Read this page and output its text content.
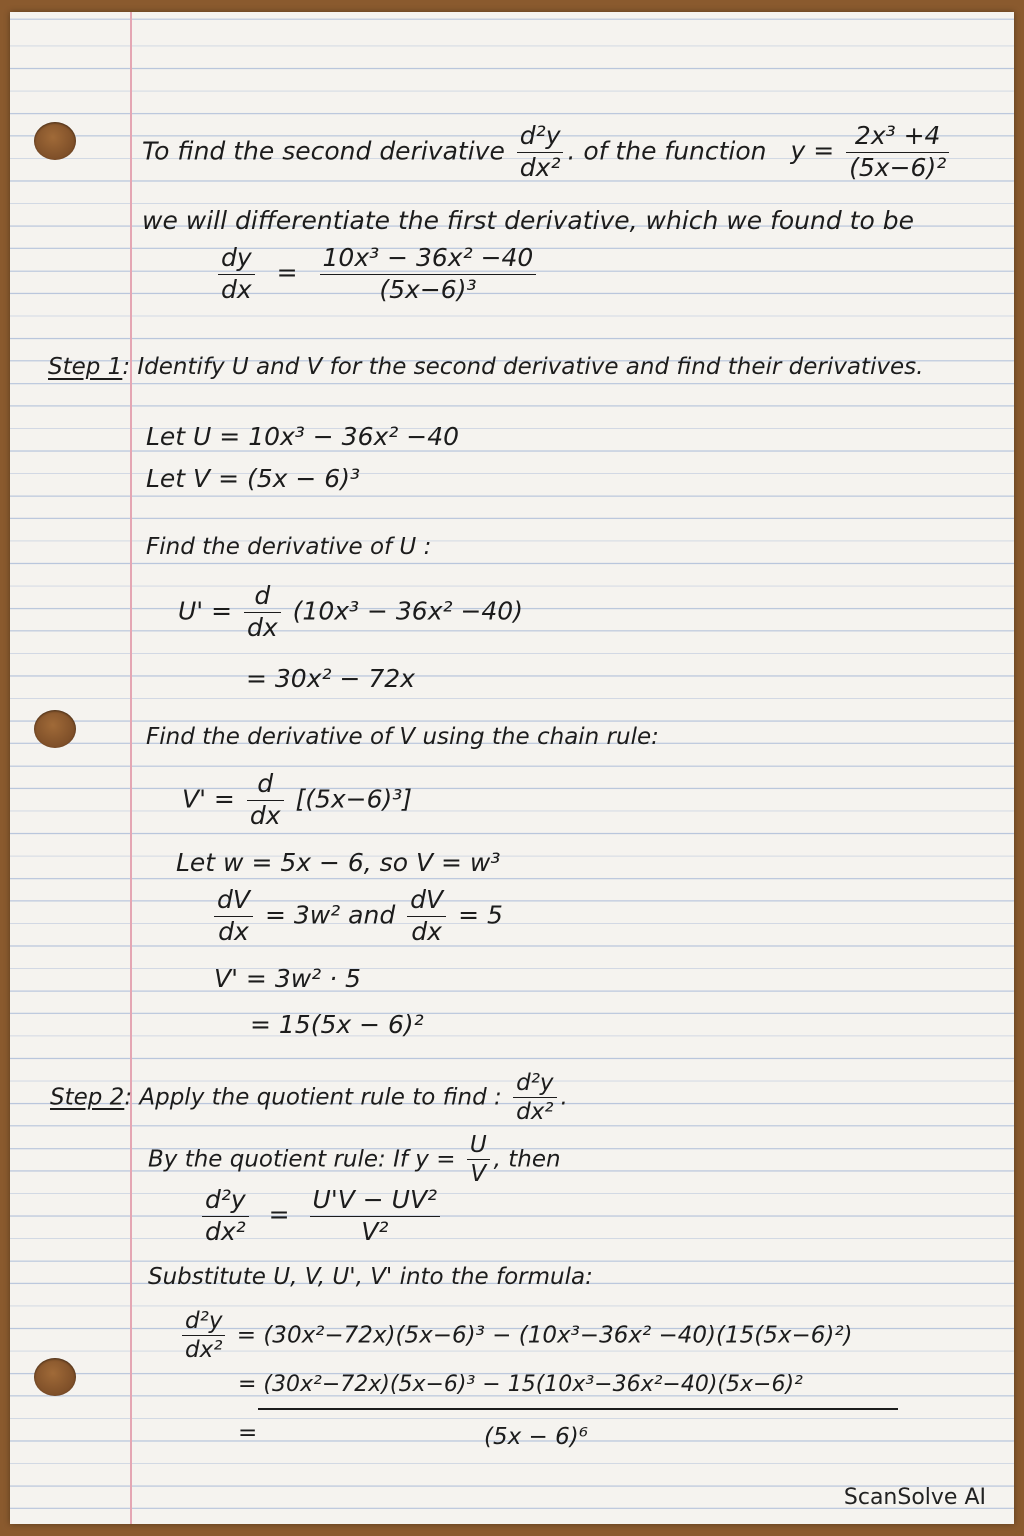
To find the second derivative $\frac{\text{d²y}}{\text{dx²}}$ . of the function $y = \frac{\text{2x³ +4}}{\text{(5x−6)²}}$
we will differentiate the first derivative, which we found to be
$\frac{dy}{dx} = \frac{\text{10x³ − 36x² −40}}{\text{(5x−6)³}}$
Step 1: Identify U and V for the second derivative and find their derivatives.
Let U = 10x³ − 36x² −40
Let V = (5x − 6)³
Find the derivative of U :
$U' = \frac{d}{dx} (10x^3 - 36x^2 -40)$
= 30x² − 72x
Find the derivative of V using the chain rule:
$V' = \frac{d}{dx} [(5x-6)^3]$
Let w = 5x − 6, so V = w³
$\frac{dV}{dx} = 3w^2$ and $\frac{dV}{dx} = 5$
V' = 3w² · 5
= 15(5x − 6)²
Step 2: Apply the quotient rule to find : $\frac{\text{d²y}}{\text{dx²}}$ .
By the quotient rule: If $y = \frac{U}{V}$ , then
$\frac{\text{d²y}}{\text{dx²}} = \frac{\text{U'V − UV²}}{\text{V²}}$
Substitute U, V, U', V' into the formula:
$\frac{\text{d²y}}{\text{dx²}} = (30x^2-72x)(5x-6)^3 - (10x^3-36x^2 -40)(15(5x-6)^2)$
= (30x²−72x)(5x−6)³ − 15(10x³−36x²−40)(5x−6)²
=	(5x − 6)⁶
ScanSolve AI
